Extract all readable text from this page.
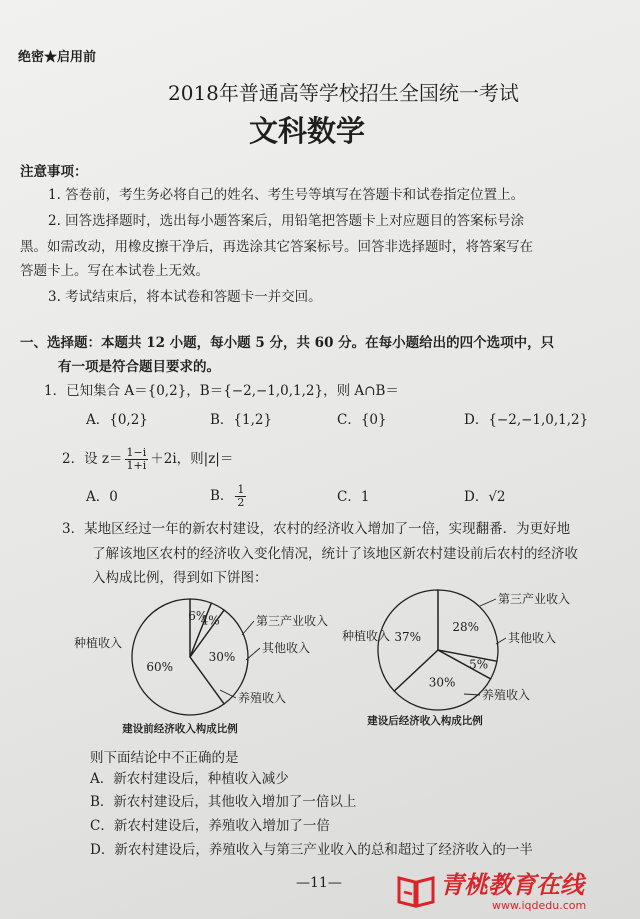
绝密★启用前
2018年普通高等学校招生全国统一考试
文科数学
注意事项：
1. 答卷前，考生务必将自己的姓名、考生号等填写在答题卡和试卷指定位置上。
2. 回答选择题时，选出每小题答案后，用铅笔把答题卡上对应题目的答案标号涂
黑。如需改动，用橡皮擦干净后，再选涂其它答案标号。回答非选择题时，将答案写在
答题卡上。写在本试卷上无效。
3. 考试结束后，将本试卷和答题卡一并交回。
一、选择题：本题共 12 小题，每小题 5 分，共 60 分。在每小题给出的四个选项中，只
有一项是符合题目要求的。
1．已知集合 A＝{0,2}，B＝{−2,−1,0,1,2}，则 A∩B＝
A．{0,2}	B．{1,2}	C．{0}	D．{−2,−1,0,1,2}
2．设 $z= \frac{1-i}{1+i} +2i$，则|z|＝
A．0	B． $\frac{1}{2}$	C．1	D．√2
3．某地区经过一年的新农村建设，农村的经济收入增加了一倍，实现翻番．为更好地
了解该地区农村的经济收入变化情况，统计了该地区新农村建设前后农村的经济收
入构成比例，得到如下饼图：
60%
30%
4%
6%
种植收入
养殖收入
其他收入
第三产业收入
建设前经济收入构成比例
37%
30%
5%
28%
种植收入
养殖收入
其他收入
第三产业收入
建设后经济收入构成比例
则下面结论中不正确的是
A．新农村建设后，种植收入减少
B．新农村建设后，其他收入增加了一倍以上
C．新农村建设后，养殖收入增加了一倍
D．新农村建设后，养殖收入与第三产业收入的总和超过了经济收入的一半
—11—	青桃教育在线
www.iqdedu.com
